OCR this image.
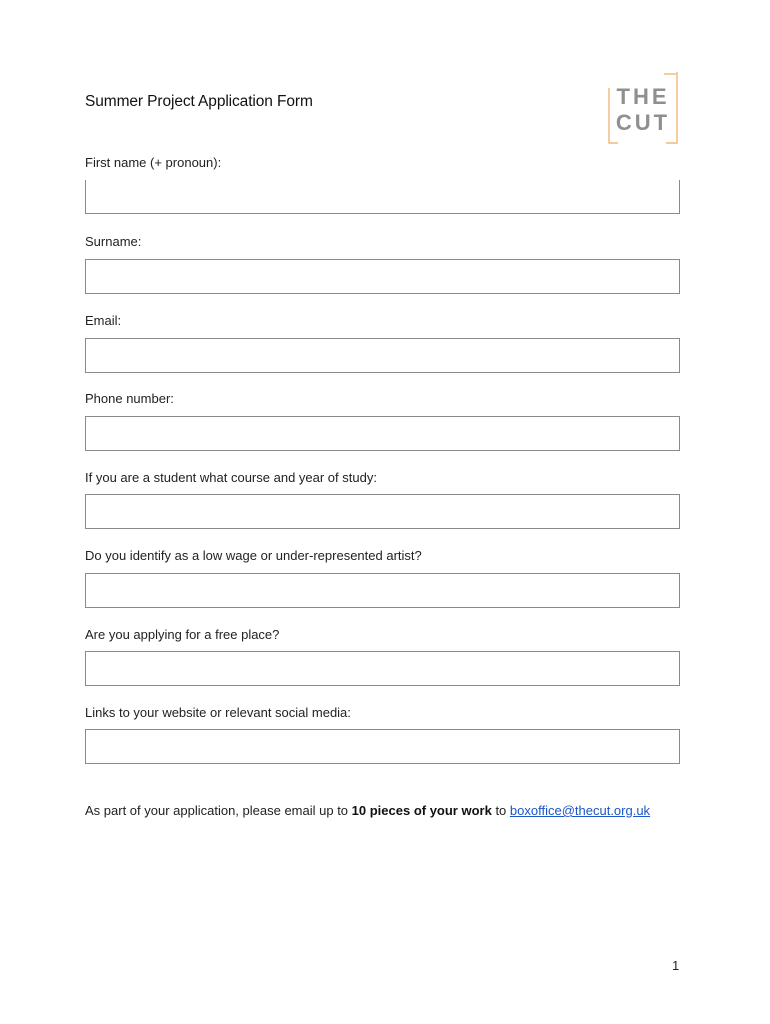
Summer Project Application Form	THE
CUT
First name (+ pronoun):
Surname:
Email:
Phone number:
If you are a student what course and year of study:
Do you identify as a low wage or under-represented artist?
Are you applying for a free place?
Links to your website or relevant social media:
As part of your application, please email up to 10 pieces of your work to boxoffice@thecut.org.uk
1
